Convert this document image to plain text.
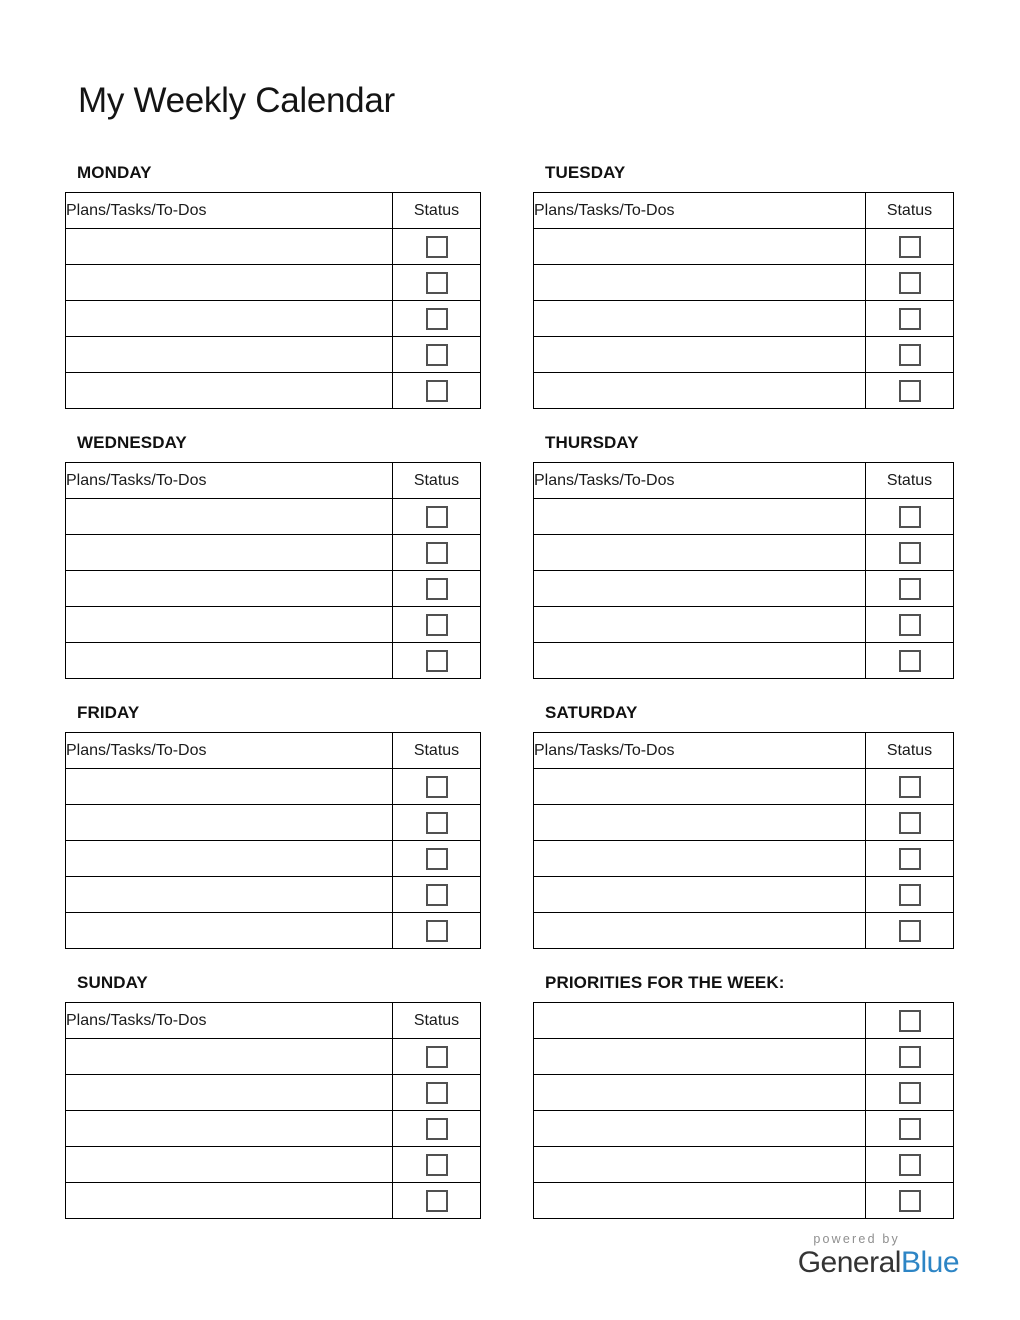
My Weekly Calendar
MONDAY
Plans/Tasks/To-Dos	Status

TUESDAY
Plans/Tasks/To-Dos	Status

WEDNESDAY
Plans/Tasks/To-Dos	Status

THURSDAY
Plans/Tasks/To-Dos	Status

FRIDAY
Plans/Tasks/To-Dos	Status

SATURDAY
Plans/Tasks/To-Dos	Status

SUNDAY
Plans/Tasks/To-Dos	Status

PRIORITIES FOR THE WEEK:

powered by
GeneralBlue
